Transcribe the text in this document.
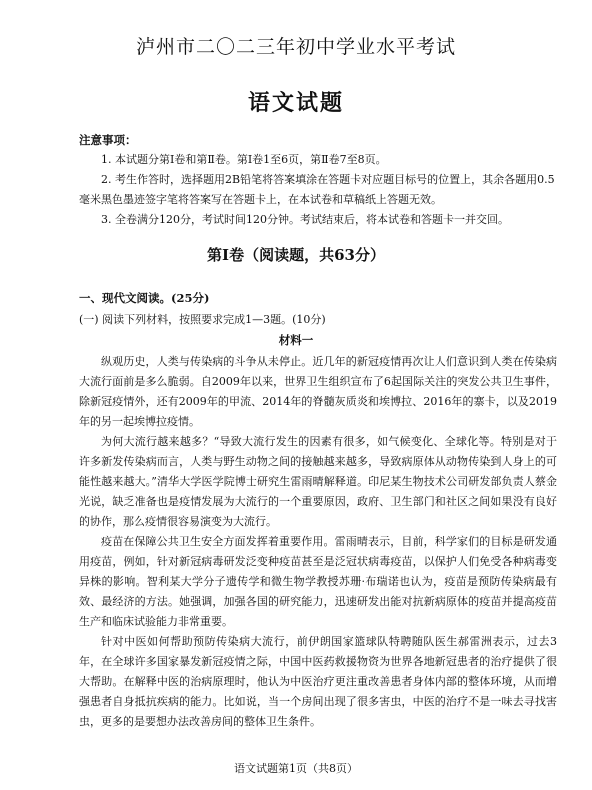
泸州市二〇二三年初中学业水平考试
语文试题
注意事项：
1. 本试题分第Ⅰ卷和第Ⅱ卷。第Ⅰ卷1至6页，第Ⅱ卷7至8页。
2. 考生作答时，选择题用2B铅笔将答案填涂在答题卡对应题目标号的位置上，其余各题用0.5毫米黑色墨迹签字笔将答案写在答题卡上，在本试卷和草稿纸上答题无效。
3. 全卷满分120分，考试时间120分钟。考试结束后，将本试卷和答题卡一并交回。
第Ⅰ卷（阅读题，共63分）
一、现代文阅读。(25分)
(一) 阅读下列材料，按照要求完成1—3题。(10分)
材料一
纵观历史，人类与传染病的斗争从未停止。近几年的新冠疫情再次让人们意识到人类在传染病大流行面前是多么脆弱。自2009年以来，世界卫生组织宣布了6起国际关注的突发公共卫生事件，除新冠疫情外，还有2009年的甲流、2014年的脊髓灰质炎和埃博拉、2016年的寨卡，以及2019年的另一起埃博拉疫情。
为何大流行越来越多？“导致大流行发生的因素有很多，如气候变化、全球化等。特别是对于许多新发传染病而言，人类与野生动物之间的接触越来越多，导致病原体从动物传染到人身上的可能性越来越大。”清华大学医学院博士研究生雷雨晴解释道。印尼某生物技术公司研发部负责人蔡金光说，缺乏准备也是疫情发展为大流行的一个重要原因，政府、卫生部门和社区之间如果没有良好的协作，那么疫情很容易演变为大流行。
疫苗在保障公共卫生安全方面发挥着重要作用。雷雨晴表示，目前，科学家们的目标是研发通用疫苗，例如，针对新冠病毒研发泛变种疫苗甚至是泛冠状病毒疫苗，以保护人们免受各种病毒变异株的影响。智利某大学分子遗传学和微生物学教授苏珊·布瑞诺也认为，疫苗是预防传染病最有效、最经济的方法。她强调，加强各国的研究能力，迅速研发出能对抗新病原体的疫苗并提高疫苗生产和临床试验能力非常重要。
针对中医如何帮助预防传染病大流行，前伊朗国家篮球队特聘随队医生郝雷洲表示，过去3年，在全球许多国家暴发新冠疫情之际，中国中医药救援物资为世界各地新冠患者的治疗提供了很大帮助。在解释中医的治病原理时，他认为中医治疗更注重改善患者身体内部的整体环境，从而增强患者自身抵抗疾病的能力。比如说，当一个房间出现了很多害虫，中医的治疗不是一味去寻找害虫，更多的是要想办法改善房间的整体卫生条件。
语文试题第1页（共8页）
